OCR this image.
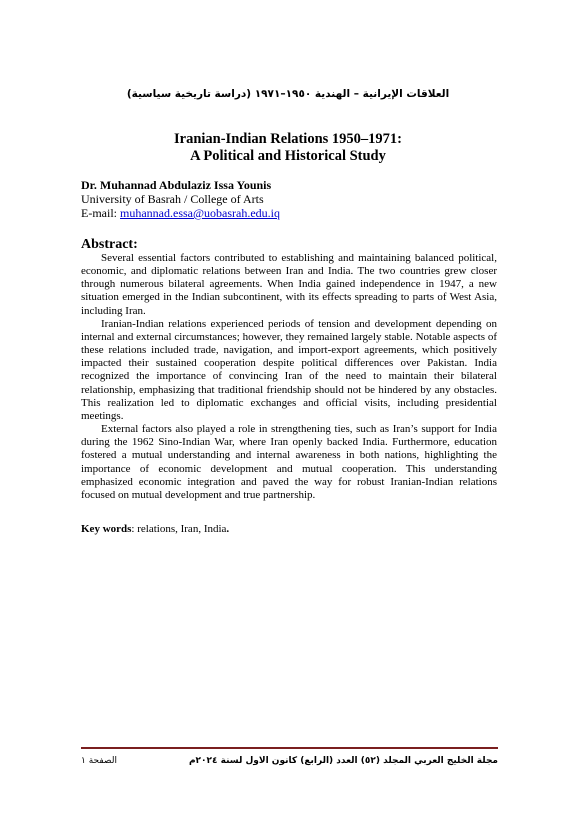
العلاقات الإيرانية – الهندية ١٩٥٠–١٩٧١ (دراسة تاريخية سياسية)
Iranian-Indian Relations 1950–1971:
A Political and Historical Study
Dr. Muhannad Abdulaziz Issa Younis
University of Basrah / College of Arts
E-mail: muhannad.essa@uobasrah.edu.iq
Abstract:

Several essential factors contributed to establishing and maintaining balanced political, economic, and diplomatic relations between Iran and India. The two countries grew closer through numerous bilateral agreements. When India gained independence in 1947, a new situation emerged in the Indian subcontinent, with its effects spreading to parts of West Asia, including Iran.

Iranian-Indian relations experienced periods of tension and development depending on internal and external circumstances; however, they remained largely stable. Notable aspects of these relations included trade, navigation, and import-export agreements, which positively impacted their sustained cooperation despite political differences over Pakistan. India recognized the importance of convincing Iran of the need to maintain their bilateral relationship, emphasizing that traditional friendship should not be hindered by any obstacles. This realization led to diplomatic exchanges and official visits, including presidential meetings.

External factors also played a role in strengthening ties, such as Iran’s support for India during the 1962 Sino-Indian War, where Iran openly backed India. Furthermore, education fostered a mutual understanding and internal awareness in both nations, highlighting the importance of economic development and mutual cooperation. This understanding emphasized economic integration and paved the way for robust Iranian-Indian relations focused on mutual development and true partnership.

Key words: relations, Iran, India.
مجلة الخليج العربي المجلد (٥٢) العدد (الرابع) كانون الاول لسنة ٢٠٢٤م
الصفحة ١
